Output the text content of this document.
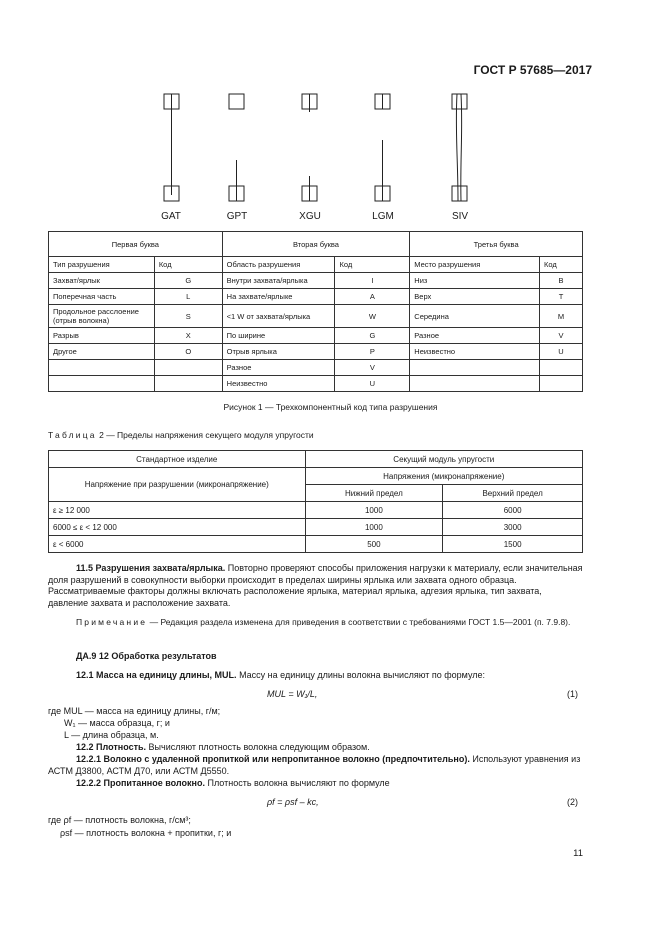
ГОСТ Р 57685—2017
GAT	GPT	XGU	LGM	SIV
Первая буква		Вторая буква		Третья буква	
Тип разрушения	Код	Область разрушения	Код	Место разрушения	Код
Захват/ярлык	G	Внутри захвата/ярлыка	I	Низ	B
Поперечная часть	L	На захвате/ярлыке	A	Верх	T
Продольное расслоение (отрыв волокна)	S	<1 W от захвата/ярлыка	W	Середина	M
Разрыв	X	По ширине	G	Разное	V
Другое	O	Отрыв ярлыка	P	Неизвестно	U
		Разное	V		
		Неизвестно	U		
Рисунок 1 — Трехкомпонентный код типа разрушения
Таблица 2 — Пределы напряжения секущего модуля упругости
Стандартное изделие	Секущий модуль упругости	
Напряжение при разрушении (микронапряжение)	Напряжения (микронапряжение)	
	Нижний предел	Верхний предел
ε ≥ 12 000	1000	6000
6000 ≤ ε < 12 000	1000	3000
ε < 6000	500	1500
11.5 Разрушения захвата/ярлыка. Повторно проверяют способы приложения нагрузки к материалу, если значительная доля разрушений в совокупности выборки происходит в пределах ширины ярлыка или захвата одного образца. Рассматриваемые факторы должны включать расположение ярлыка, материал ярлыка, адгезия ярлыка, тип захвата, давление захвата и расположение захвата.
Примечание — Редакция раздела изменена для приведения в соответствии с требованиями ГОСТ 1.5—2001 (п. 7.9.8).
ДА.9 12 Обработка результатов
12.1 Масса на единицу длины, MUL. Массу на единицу длины волокна вычисляют по формуле:
MUL = W₁/L,	(1)
где MUL — масса на единицу длины, г/м;
W₁ — масса образца, г; и
L — длина образца, м.
12.2 Плотность. Вычисляют плотность волокна следующим образом.
12.2.1 Волокно с удаленной пропиткой или непропитанное волокно (предпочтительно). Используют уравнения из АСТМ Д3800, АСТМ Д70, или АСТМ Д5550.
12.2.2 Пропитанное волокно. Плотность волокна вычисляют по формуле
ρf = ρsf – kc,	(2)
где ρf — плотность волокна, г/см³;
ρsf — плотность волокна + пропитки, г; и
11
